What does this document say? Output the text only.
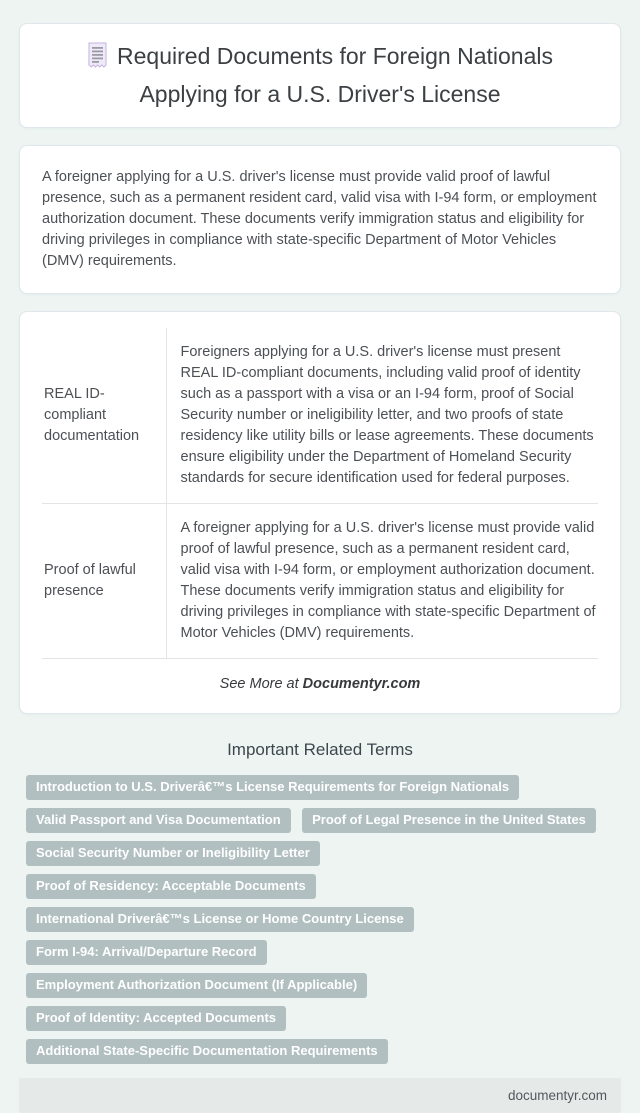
Required Documents for Foreign Nationals Applying for a U.S. Driver's License

A foreigner applying for a U.S. driver's license must provide valid proof of lawful presence, such as a permanent resident card, valid visa with I-94 form, or employment authorization document. These documents verify immigration status and eligibility for driving privileges in compliance with state-specific Department of Motor Vehicles (DMV) requirements.

REAL ID-compliant documentation	Foreigners applying for a U.S. driver's license must present REAL ID-compliant documents, including valid proof of identity such as a passport with a visa or an I-94 form, proof of Social Security number or ineligibility letter, and two proofs of state residency like utility bills or lease agreements. These documents ensure eligibility under the Department of Homeland Security standards for secure identification used for federal purposes.
Proof of lawful presence	A foreigner applying for a U.S. driver's license must provide valid proof of lawful presence, such as a permanent resident card, valid visa with I-94 form, or employment authorization document. These documents verify immigration status and eligibility for driving privileges in compliance with state-specific Department of Motor Vehicles (DMV) requirements.

See More at Documentyr.com

Important Related Terms
Introduction to U.S. Driverâ€™s License Requirements for Foreign Nationals Valid Passport and Visa Documentation Proof of Legal Presence in the United States Social Security Number or Ineligibility Letter Proof of Residency: Acceptable Documents International Driverâ€™s License or Home Country License Form I-94: Arrival/Departure Record Employment Authorization Document (If Applicable) Proof of Identity: Accepted Documents Additional State-Specific Documentation Requirements
documentyr.com
